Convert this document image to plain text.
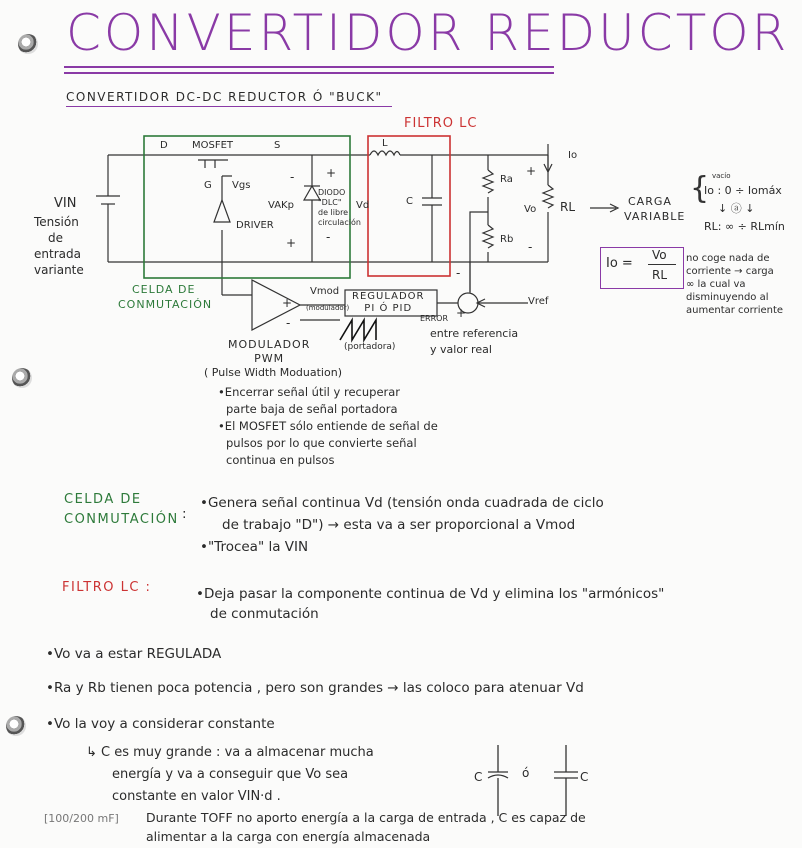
CONVERTIDOR REDUCTOR
CONVERTIDOR DC-DC REDUCTOR Ó "BUCK"
FILTRO LC
VIN
Tensión
de
entrada
variante
D MOSFET	S
G Vgs
DRIVER
-	+
+ -
VAKp
DIODO
"DLC"
de libre
circulación
Vd
L
C
Ra
Rb
+
-
Vo RL
Io
CARGA
VARIABLE
{ vacío
Io : 0 ÷ Iomáx
↓ ⓐ ↓
RL: ∞ ÷ RLmín
Io =
Vo
RL
no coge nada de
corriente → carga
∞ la cual va
disminuyendo al
aumentar corriente
CELDA DE
CONMUTACIÓN
Vmod
(modulador)
REGULADOR
PI Ó PID
+
-
-
+
ERROR
entre referencia
y valor real
Vref
(portadora)
MODULADOR
PWM
( Pulse Width Moduation)
• Encerrar señal útil y recuperar
parte baja de señal portadora
• El MOSFET sólo entiende de señal de
pulsos por lo que convierte señal
continua en pulsos
CELDA DE
CONMUTACIÓN :
• Genera señal continua Vd (tensión onda cuadrada de ciclo
de trabajo "D") → esta va a ser proporcional a Vmod
• "Trocea" la VIN
FILTRO LC :
•	Deja pasar la componente continua de Vd y elimina los "armónicos"
de conmutación
• Vo va a estar REGULADA
• Ra y Rb tienen poca potencia , pero son grandes → las coloco para atenuar Vd
• Vo la voy a considerar constante
↳ C es muy grande : va a almacenar mucha
energía y va a conseguir que Vo sea
constante en valor VIN·d .
C	ó	C
[100/200 mF] Durante TOFF no aporto energía a la carga de entrada , C es capaz de
alimentar a la carga con energía almacenada
